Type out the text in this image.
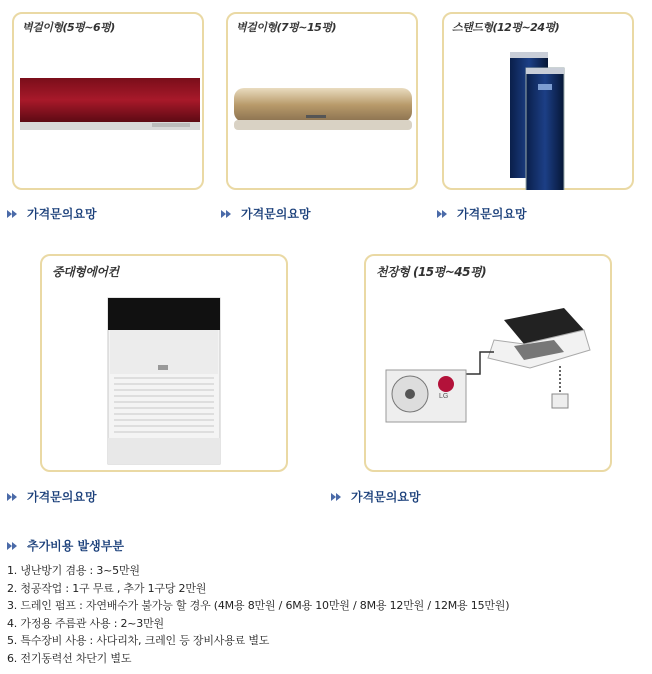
벽걸이형(5평~6평)	벽걸이형(7평~15평)	스탠드형(12평~24평)
가격문의요망	가격문의요망	가격문의요망
중대형에어컨	천장형 (15평~45평)
LG
가격문의요망	가격문의요망
추가비용 발생부분
1. 냉난방기 겸용 : 3~5만원
2. 청공작업 : 1구 무료 , 추가 1구당 2만원
3. 드레인 펌프 : 자연배수가 불가능 할 경우 (4M용 8만원 / 6M용 10만원 / 8M용 12만원 / 12M용 15만원)
4. 가정용 주름관 사용 : 2~3만원
5. 특수장비 사용 : 사다리차, 크레인 등 장비사용료 별도
6. 전기동력선 차단기 별도
